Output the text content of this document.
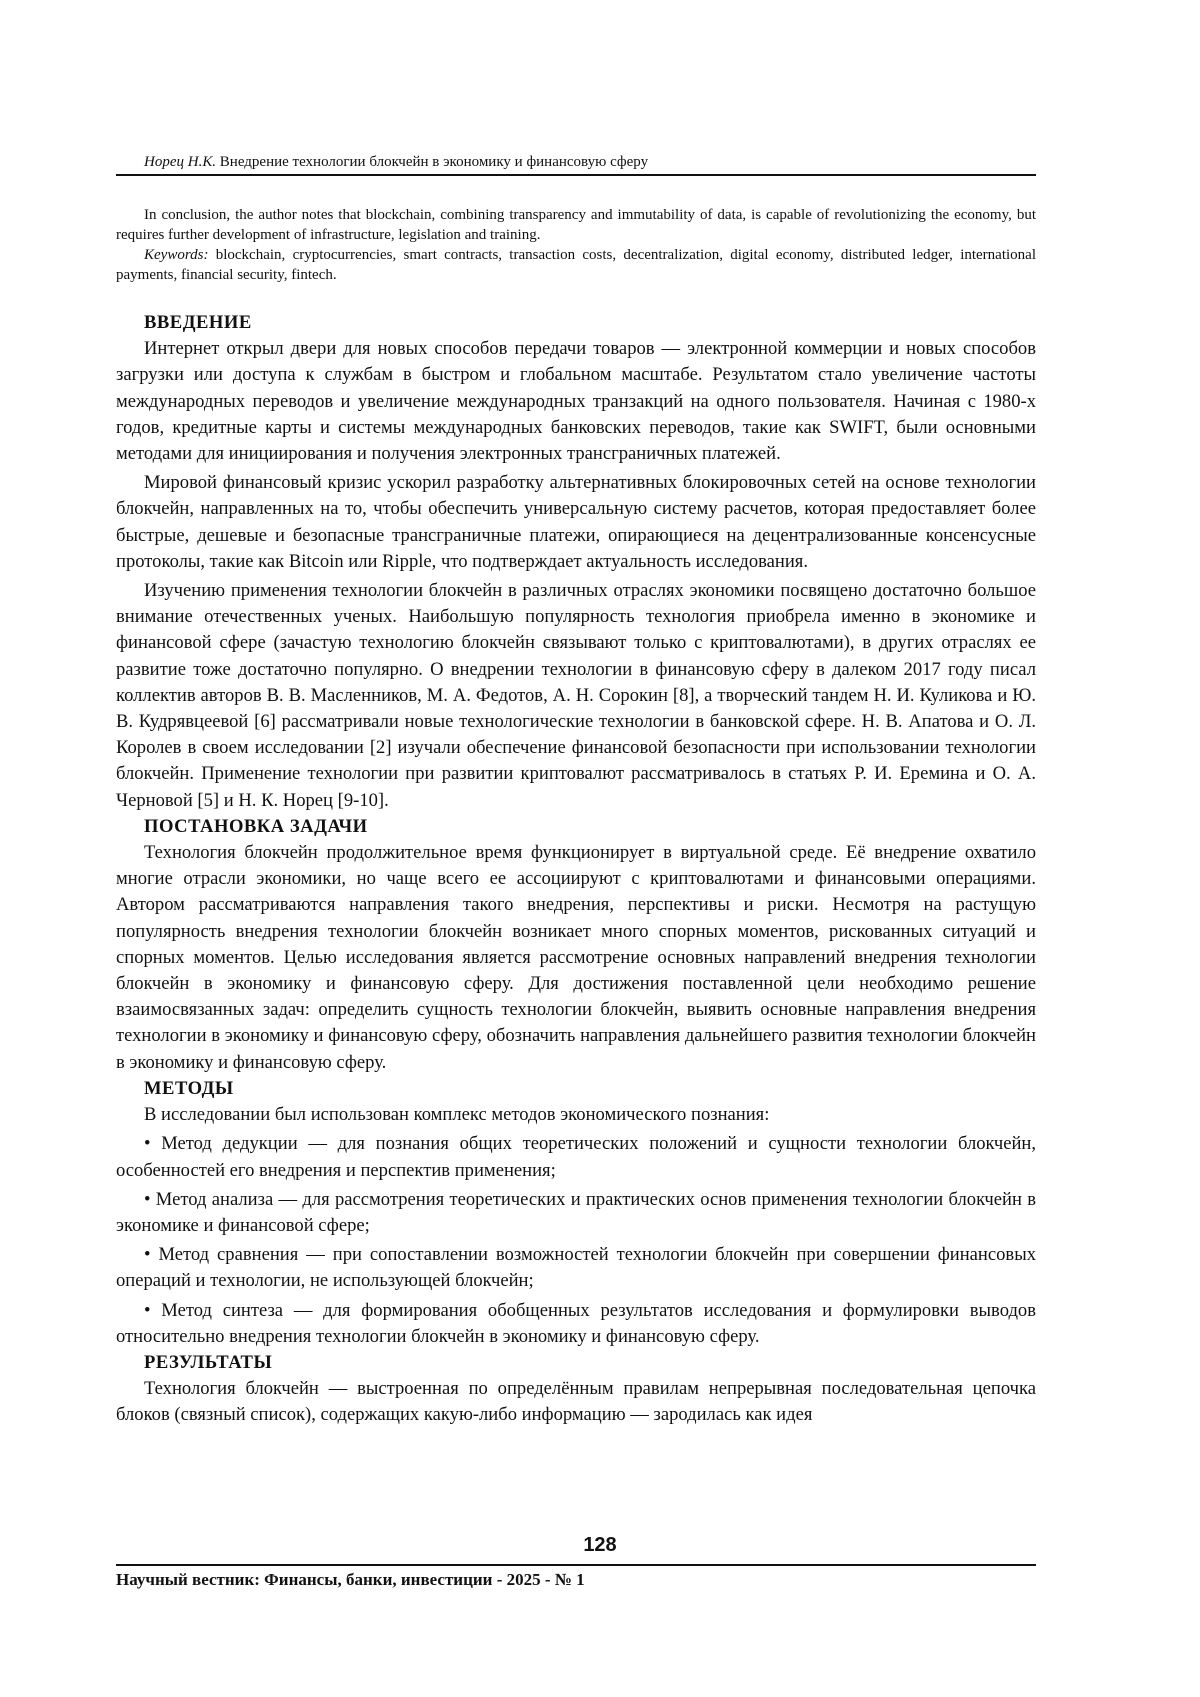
Норец Н.К. Внедрение технологии блокчейн в экономику и финансовую сферу

In conclusion, the author notes that blockchain, combining transparency and immutability of data, is capable of revolutionizing the economy, but requires further development of infrastructure, legislation and training.

Keywords: blockchain, cryptocurrencies, smart contracts, transaction costs, decentralization, digital economy, distributed ledger, international payments, financial security, fintech.

ВВЕДЕНИЕ

Интернет открыл двери для новых способов передачи товаров — электронной коммерции и новых способов загрузки или доступа к службам в быстром и глобальном масштабе. Результатом стало увеличение частоты международных переводов и увеличение международных транзакций на одного пользователя. Начиная с 1980-х годов, кредитные карты и системы международных банковских переводов, такие как SWIFT, были основными методами для инициирования и получения электронных трансграничных платежей.

Мировой финансовый кризис ускорил разработку альтернативных блокировочных сетей на основе технологии блокчейн, направленных на то, чтобы обеспечить универсальную систему расчетов, которая предоставляет более быстрые, дешевые и безопасные трансграничные платежи, опирающиеся на децентрализованные консенсусные протоколы, такие как Bitcoin или Ripple, что подтверждает актуальность исследования.

Изучению применения технологии блокчейн в различных отраслях экономики посвящено достаточно большое внимание отечественных ученых. Наибольшую популярность технология приобрела именно в экономике и финансовой сфере (зачастую технологию блокчейн связывают только с криптовалютами), в других отраслях ее развитие тоже достаточно популярно. О внедрении технологии в финансовую сферу в далеком 2017 году писал коллектив авторов В. В. Масленников, М. А. Федотов, А. Н. Сорокин [8], а творческий тандем Н. И. Куликова и Ю. В. Кудрявцеевой [6] рассматривали новые технологические технологии в банковской сфере. Н. В. Апатова и О. Л. Королев в своем исследовании [2] изучали обеспечение финансовой безопасности при использовании технологии блокчейн. Применение технологии при развитии криптовалют рассматривалось в статьях Р. И. Еремина и О. А. Черновой [5] и Н. К. Норец [9-10].

ПОСТАНОВКА ЗАДАЧИ

Технология блокчейн продолжительное время функционирует в виртуальной среде. Её внедрение охватило многие отрасли экономики, но чаще всего ее ассоциируют с криптовалютами и финансовыми операциями. Автором рассматриваются направления такого внедрения, перспективы и риски. Несмотря на растущую популярность внедрения технологии блокчейн возникает много спорных моментов, рискованных ситуаций и спорных моментов. Целью исследования является рассмотрение основных направлений внедрения технологии блокчейн в экономику и финансовую сферу. Для достижения поставленной цели необходимо решение взаимосвязанных задач: определить сущность технологии блокчейн, выявить основные направления внедрения технологии в экономику и финансовую сферу, обозначить направления дальнейшего развития технологии блокчейн в экономику и финансовую сферу.

МЕТОДЫ

В исследовании был использован комплекс методов экономического познания:

• Метод дедукции — для познания общих теоретических положений и сущности технологии блокчейн, особенностей его внедрения и перспектив применения;

• Метод анализа — для рассмотрения теоретических и практических основ применения технологии блокчейн в экономике и финансовой сфере;

• Метод сравнения — при сопоставлении возможностей технологии блокчейн при совершении финансовых операций и технологии, не использующей блокчейн;

• Метод синтеза — для формирования обобщенных результатов исследования и формулировки выводов относительно внедрения технологии блокчейн в экономику и финансовую сферу.

РЕЗУЛЬТАТЫ

Технология блокчейн — выстроенная по определённым правилам непрерывная последовательная цепочка блоков (связный список), содержащих какую-либо информацию — зародилась как идея

128
Научный вестник: Финансы, банки, инвестиции - 2025 - № 1
